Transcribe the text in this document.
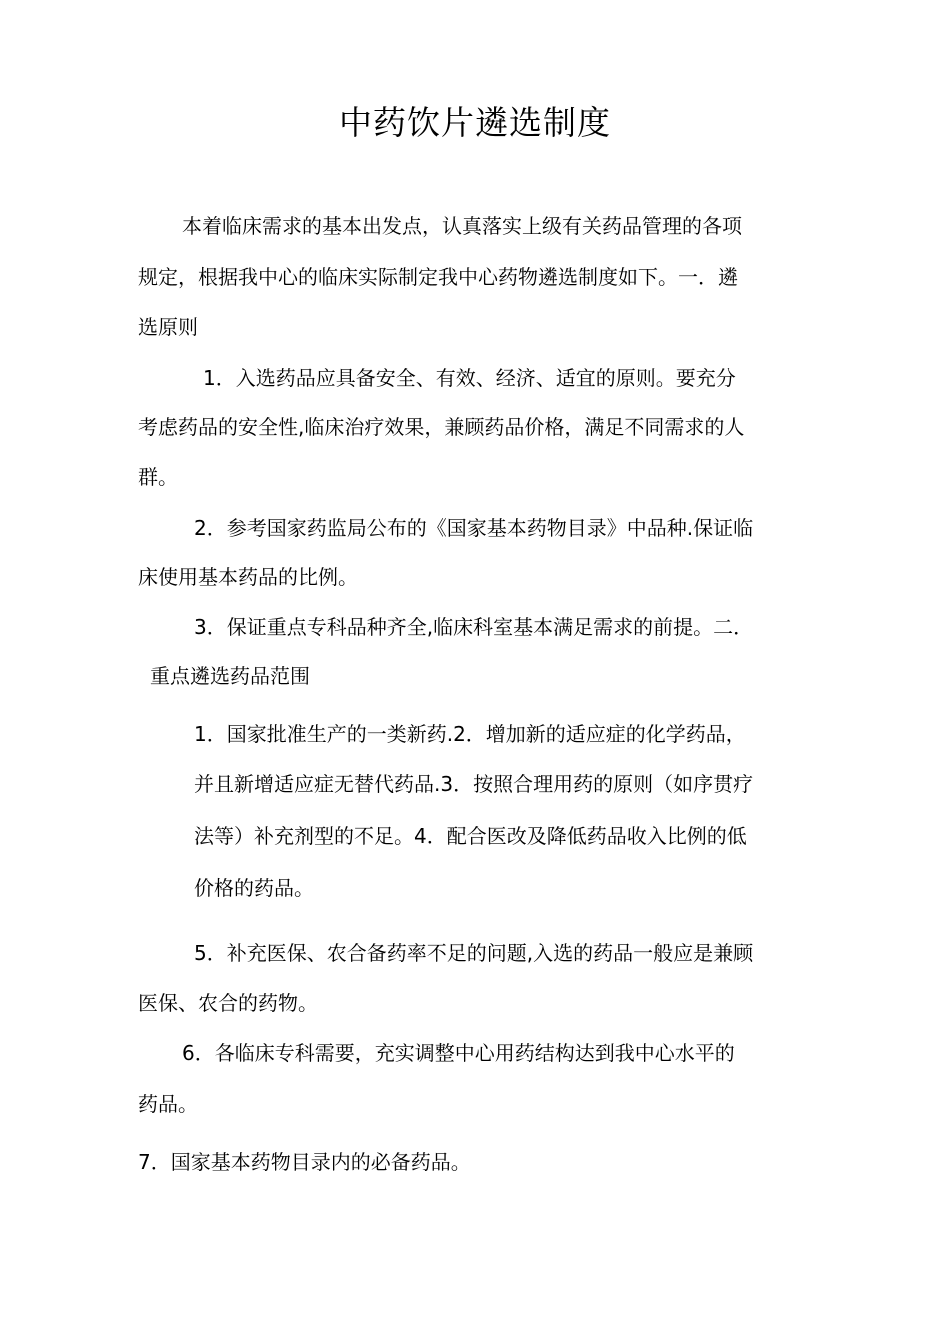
中药饮片遴选制度
本着临床需求的基本出发点，认真落实上级有关药品管理的各项
规定，根据我中心的临床实际制定我中心药物遴选制度如下。一．遴
选原则
1．入选药品应具备安全、有效、经济、适宜的原则。要充分
考虑药品的安全性,临床治疗效果，兼顾药品价格，满足不同需求的人
群。
2．参考国家药监局公布的《国家基本药物目录》中品种.保证临
床使用基本药品的比例。
3．保证重点专科品种齐全,临床科室基本满足需求的前提。二．
重点遴选药品范围
1．国家批准生产的一类新药.2．增加新的适应症的化学药品，
并且新增适应症无替代药品.3．按照合理用药的原则（如序贯疗
法等）补充剂型的不足。4．配合医改及降低药品收入比例的低
价格的药品。
5．补充医保、农合备药率不足的问题,入选的药品一般应是兼顾
医保、农合的药物。
6．各临床专科需要，充实调整中心用药结构达到我中心水平的
药品。
7．国家基本药物目录内的必备药品。
